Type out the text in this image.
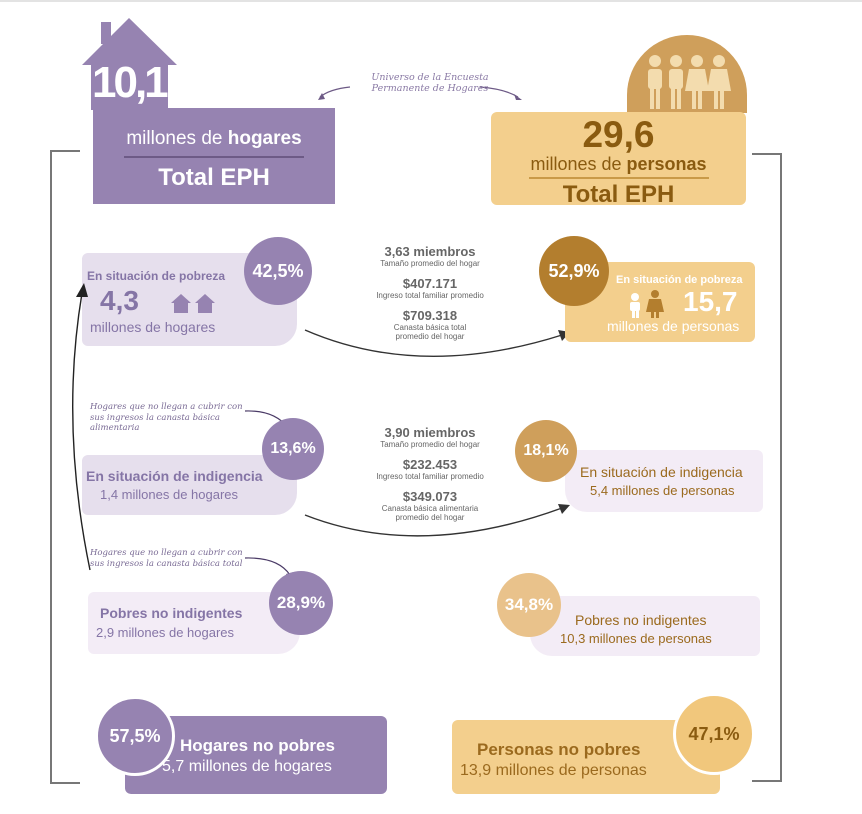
10,1
millones de hogares
Total EPH
Universo de la Encuesta
Permanente de Hogares
29,6
millones de personas
Total EPH
En situación de pobreza
4,3
millones de hogares
42,5%
3,63 miembros
Tamaño promedio del hogar
$407.171
Ingreso total familiar promedio
$709.318
Canasta básica total
promedio del hogar
En situación de pobreza
15,7
millones de personas
52,9%
Hogares que no llegan a cubrir con
sus ingresos la canasta básica
alimentaria
En situación de indigencia
1,4 millones de hogares
13,6%
3,90 miembros
Tamaño promedio del hogar
$232.453
Ingreso total familiar promedio
$349.073
Canasta básica alimentaria
promedio del hogar
En situación de indigencia
5,4 millones de personas
18,1%
Hogares que no llegan a cubrir con
sus ingresos la canasta básica total
Pobres no indigentes
2,9 millones de hogares
28,9%
Pobres no indigentes
10,3 millones de personas
34,8%
Hogares no pobres
5,7 millones de hogares
57,5%
Personas no pobres
13,9 millones de personas
47,1%
